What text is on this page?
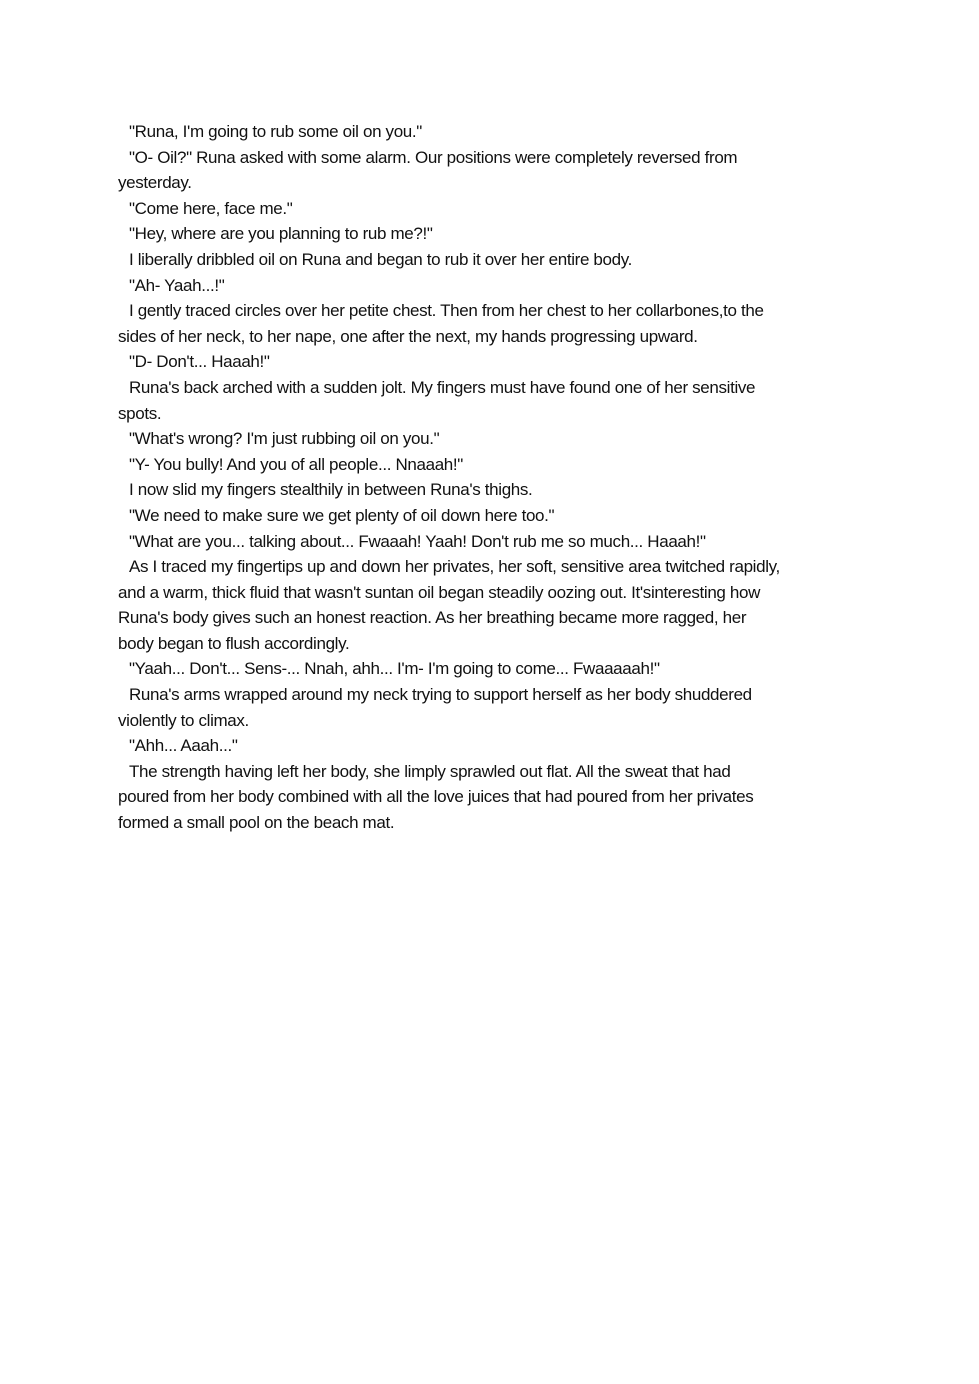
"Runa, I'm going to rub some oil on you."
"O- Oil?" Runa asked with some alarm. Our positions were completely reversed from
yesterday.
"Come here, face me."
"Hey, where are you planning to rub me?!"
I liberally dribbled oil on Runa and began to rub it over her entire body.
"Ah- Yaah...!"
I gently traced circles over her petite chest. Then from her chest to her collarbones,to the
sides of her neck, to her nape, one after the next, my hands progressing upward.
"D- Don't... Haaah!"
Runa's back arched with a sudden jolt. My fingers must have found one of her sensitive
spots.
"What's wrong? I'm just rubbing oil on you."
"Y- You bully! And you of all people... Nnaaah!"
I now slid my fingers stealthily in between Runa's thighs.
"We need to make sure we get plenty of oil down here too."
"What are you... talking about... Fwaaah! Yaah! Don't rub me so much... Haaah!"
As I traced my fingertips up and down her privates, her soft, sensitive area twitched rapidly,
and a warm, thick fluid that wasn't suntan oil began steadily oozing out. It'sinteresting how
Runa's body gives such an honest reaction. As her breathing became more ragged, her
body began to flush accordingly.
"Yaah... Don't... Sens-... Nnah, ahh... I'm- I'm going to come... Fwaaaaah!"
Runa's arms wrapped around my neck trying to support herself as her body shuddered
violently to climax.
"Ahh... Aaah..."
The strength having left her body, she limply sprawled out flat. All the sweat that had
poured from her body combined with all the love juices that had poured from her privates
formed a small pool on the beach mat.
